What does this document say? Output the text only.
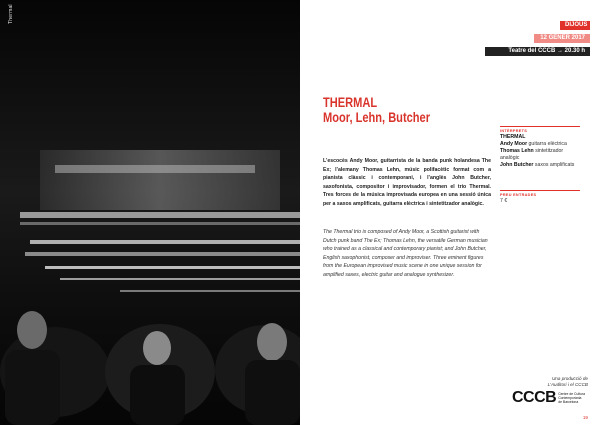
Thermal
DIJOUS
12 GENER 2017
Teatre del CCCB → 20.30 h
THERMAL
Moor, Lehn, Butcher
L’escocès Andy Moor, guitarrista de la banda punk holandesa The Ex; l’alemany Thomas Lehn, músic polifacètic format com a pianista clàssic i contemporani, i l’anglès John Butcher, saxofonista, compositor i improvisador, formen el trio Thermal. Tres forces de la música improvisada europea en una sessió única per a saxos amplificats, guitarra elèctrica i sintetitzador analògic.
The Thermal trio is composed of Andy Moor, a Scottish guitarist with Dutch punk band The Ex; Thomas Lehn, the versatile German musician who trained as a classical and contemporary pianist; and John Butcher, English saxophonist, composer and improviser. Three eminent figures from the European improvised music scene in one unique session for amplified saxes, electric guitar and analogue synthesizer.
INTÈRPRETS
THERMAL
Andy Moor guitarra elèctrica
Thomas Lehn sintetitzador analògic
John Butcher saxos amplificats
PREU ENTRADES
7 €
Una producció de
L’Auditori i el CCCB
CCCB Centre de Cultura
Contemporània
de Barcelona
19
